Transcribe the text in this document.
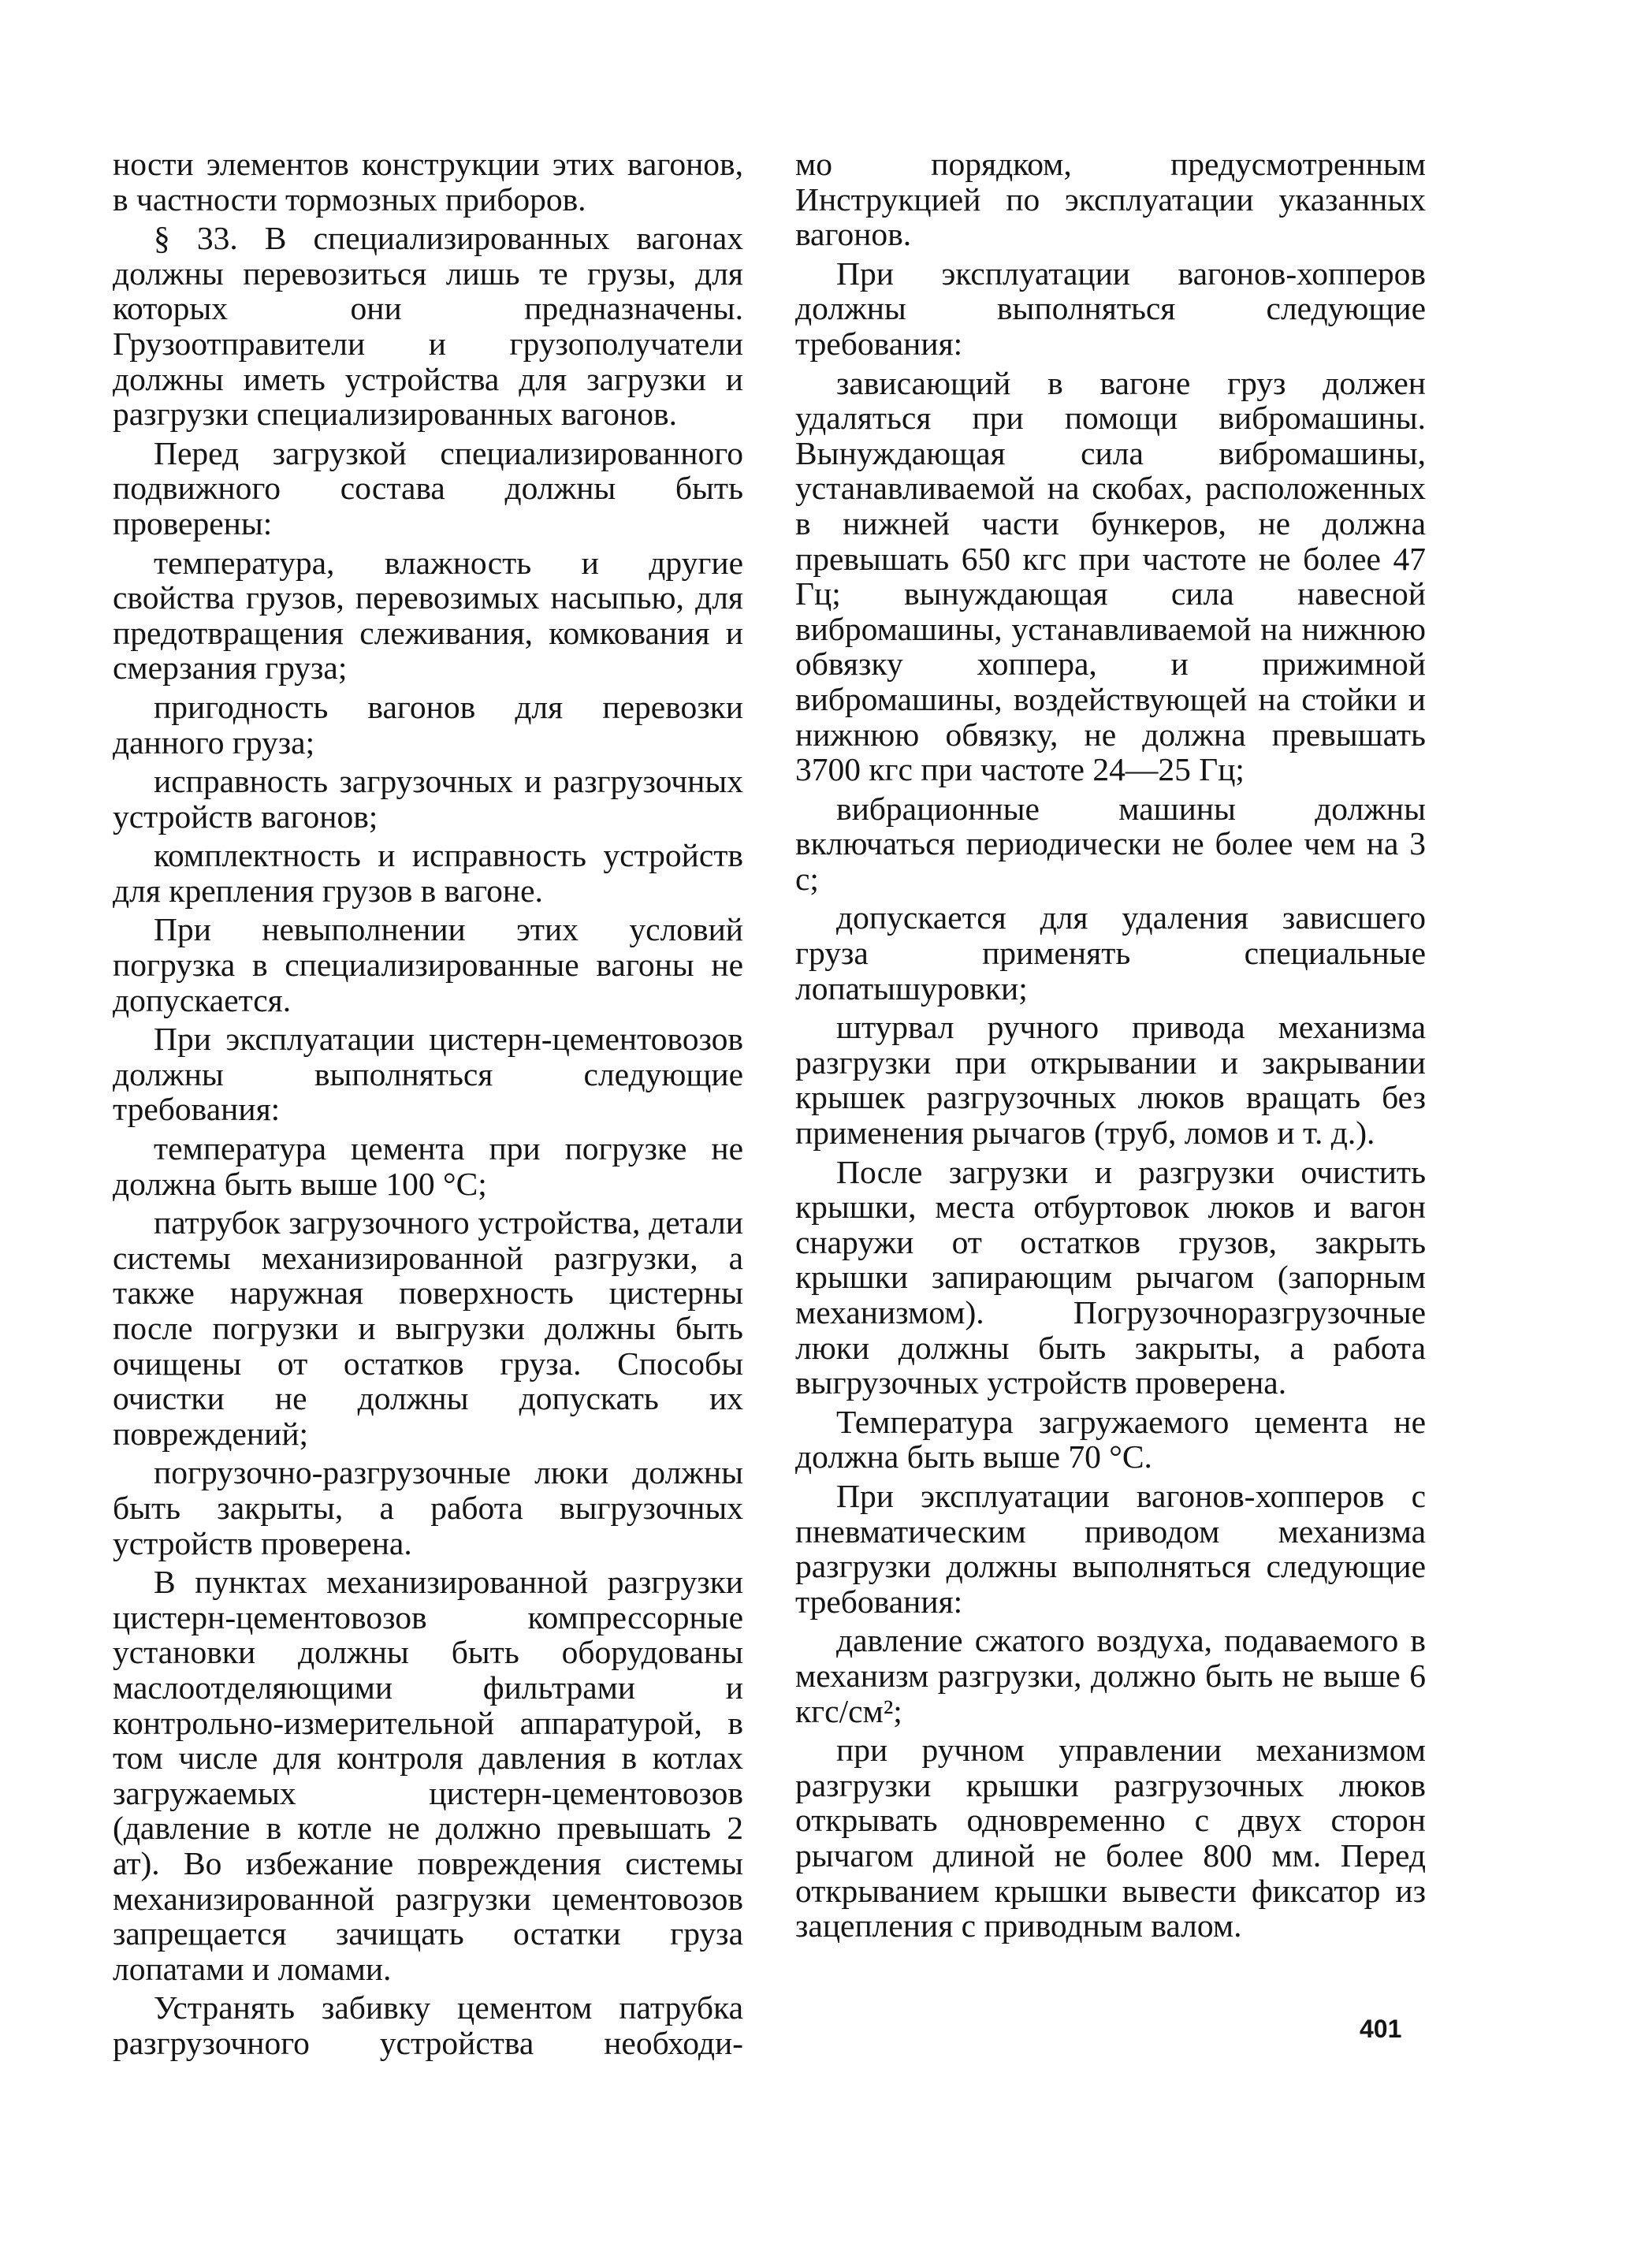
ности элементов конструкции этих вагонов, в частности тормозных приборов.

§ 33. В специализированных вагонах должны перевозиться лишь те грузы, для которых они предназначены. Грузоотправители и грузополучатели должны иметь устройства для загрузки и разгрузки специализированных вагонов.

Перед загрузкой специализированного подвижного состава должны быть проверены:

температура, влажность и другие свойства грузов, перевозимых насыпью, для предотвращения слеживания, комкования и смерзания груза;

пригодность вагонов для перевозки данного груза;

исправность загрузочных и разгрузочных устройств вагонов;

комплектность и исправность устройств для крепления грузов в вагоне.

При невыполнении этих условий погрузка в специализированные вагоны не допускается.

При эксплуатации цистерн-цементовозов должны выполняться следующие требования:

температура цемента при погрузке не должна быть выше 100 °С;

патрубок загрузочного устройства, детали системы механизированной разгрузки, а также наружная поверхность цистерны после погрузки и выгрузки должны быть очищены от остатков груза. Способы очистки не должны допускать их повреждений;

погрузочно-разгрузочные люки должны быть закрыты, а работа выгрузочных устройств проверена.

В пунктах механизированной разгрузки цистерн-цементовозов компрессорные установки должны быть оборудованы маслоотделяющими фильтрами и контрольно-измерительной аппаратурой, в том числе для контроля давления в котлах загружаемых цистерн-цементовозов (давление в котле не должно превышать 2 ат). Во избежание повреждения системы механизированной разгрузки цементовозов запрещается зачищать остатки груза лопатами и ломами.

Устранять забивку цементом патрубка разгрузочного устройства необходи-

мо порядком, предусмотренным Инструкцией по эксплуатации указанных вагонов.

При эксплуатации вагонов-хопперов должны выполняться следующие требования:

зависающий в вагоне груз должен удаляться при помощи вибромашины. Вынуждающая сила вибромашины, устанавливаемой на скобах, расположенных в нижней части бункеров, не должна превышать 650 кгс при частоте не более 47 Гц; вынуждающая сила навесной вибромашины, устанавливаемой на нижнюю обвязку хоппера, и прижимной вибромашины, воздействующей на стойки и нижнюю обвязку, не должна превышать 3700 кгс при частоте 24—25 Гц;

вибрационные машины должны включаться периодически не более чем на 3 с;

допускается для удаления зависшего груза применять специальные лопатышуровки;

штурвал ручного привода механизма разгрузки при открывании и закрывании крышек разгрузочных люков вращать без применения рычагов (труб, ломов и т. д.).

После загрузки и разгрузки очистить крышки, места отбуртовок люков и вагон снаружи от остатков грузов, закрыть крышки запирающим рычагом (запорным механизмом). Погрузочноразгрузочные люки должны быть закрыты, а работа выгрузочных устройств проверена.

Температура загружаемого цемента не должна быть выше 70 °С.

При эксплуатации вагонов-хопперов с пневматическим приводом механизма разгрузки должны выполняться следующие требования:

давление сжатого воздуха, подаваемого в механизм разгрузки, должно быть не выше 6 кгс/см²;

при ручном управлении механизмом разгрузки крышки разгрузочных люков открывать одновременно с двух сторон рычагом длиной не более 800 мм. Перед открыванием крышки вывести фиксатор из зацепления с приводным валом.

401
